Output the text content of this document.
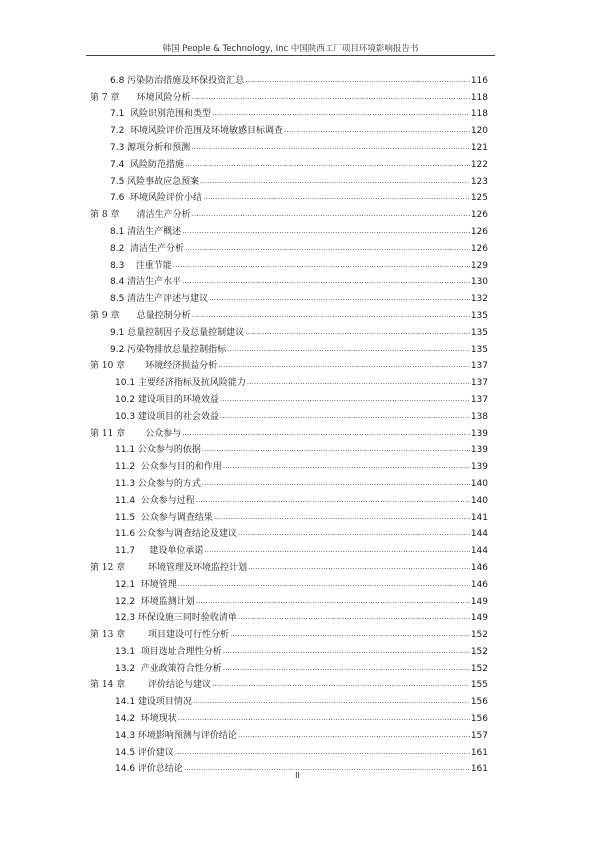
韩国 People & Technology, Inc 中国陕西工厂项目环境影响报告书
6.8 污染防治措施及环保投资汇总 .....	116
第 7 章      环境风险分析 .....	118
7.1  风险识别范围和类型 .....	118
7.2  环境风险评价范围及环境敏感目标调查 .....	120
7.3 源项分析和预测 .....	121
7.4  风险防范措施 .....	122
7.5 风险事故应急预案 .....	123
7.6  环境风险评价小结 .....	125
第 8 章      清洁生产分析 .....	126
8.1 清洁生产概述 .....	126
8.2  清洁生产分析 .....	126
8.3    注重节能 .....	129
8.4 清洁生产水平 .....	130
8.5 清洁生产评述与建议 .....	132
第 9 章      总量控制分析 .....	135
9.1 总量控制因子及总量控制建议 .....	135
9.2 污染物排放总量控制指标 .....	135
第 10 章       环境经济损益分析 .....	137
10.1 主要经济指标及抗风险能力 .....	137
10.2 建设项目的环境效益 .....	137
10.3 建设项目的社会效益 .....	138
第 11 章       公众参与 .....	139
11.1 公众参与的依据 .....	139
11.2  公众参与目的和作用 .....	139
11.3 公众参与的方式 .....	140
11.4  公众参与过程 .....	140
11.5  公众参与调查结果 .....	141
11.6 公众参与调查结论及建议 .....	144
11.7     建设单位承诺 .....	144
第 12 章        环境管理及环境监控计划 .....	146
12.1  环境管理 .....	146
12.2  环境监测计划 .....	149
12.3 环保设施三同时验收清单 .....	149
第 13 章        项目建设可行性分析 .....	152
13.1  项目选址合理性分析 .....	152
13.2  产业政策符合性分析 .....	152
第 14 章        评价结论与建议 .....	155
14.1 建设项目情况 .....	156
14.2  环境现状 .....	156
14.3 环境影响预测与评价结论 .....	157
14.5 评价建议 .....	161
14.6 评价总结论 .....	161
II
